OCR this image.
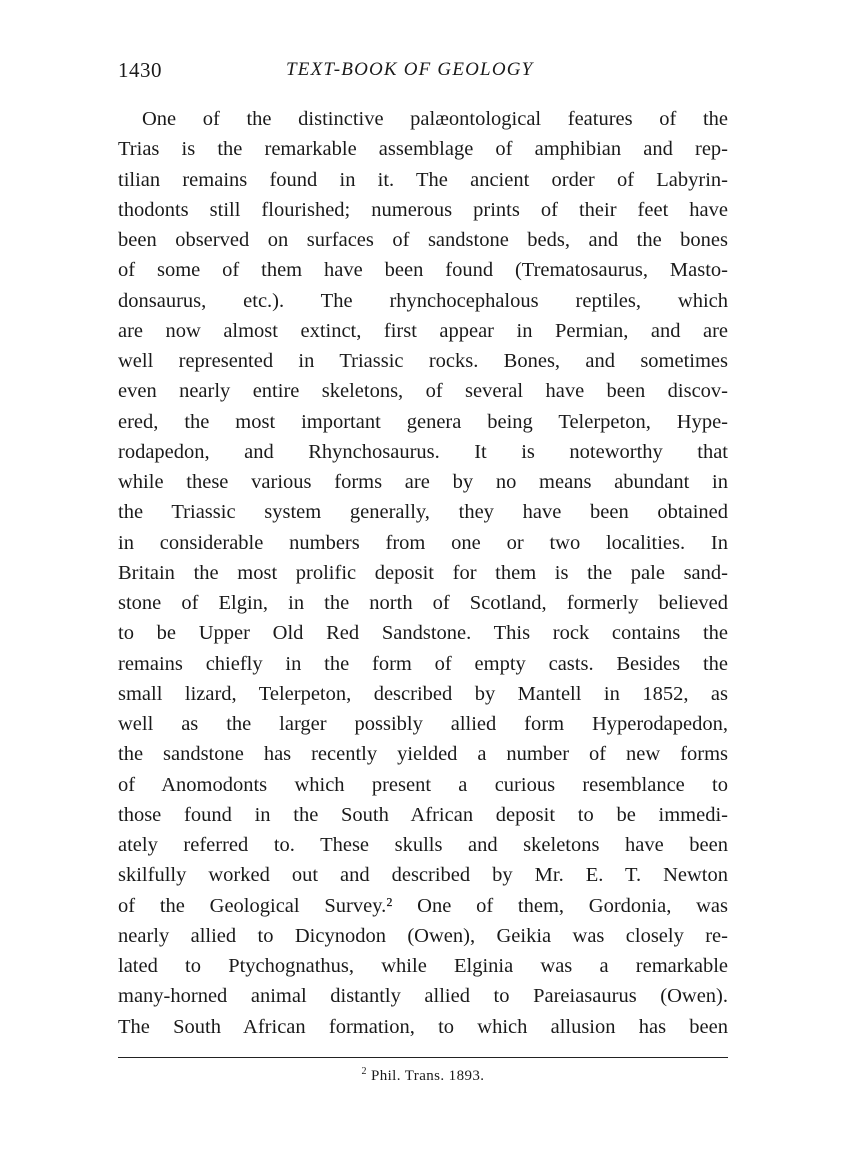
1430	TEXT-BOOK OF GEOLOGY
One of the distinctive palæontological features of the
Trias is the remarkable assemblage of amphibian and rep-
tilian remains found in it. The ancient order of Labyrin-
thodonts still flourished; numerous prints of their feet have
been observed on surfaces of sandstone beds, and the bones
of some of them have been found (Trematosaurus, Masto-
donsaurus, etc.). The rhynchocephalous reptiles, which
are now almost extinct, first appear in Permian, and are
well represented in Triassic rocks. Bones, and sometimes
even nearly entire skeletons, of several have been discov-
ered, the most important genera being Telerpeton, Hype-
rodapedon, and Rhynchosaurus. It is noteworthy that
while these various forms are by no means abundant in
the Triassic system generally, they have been obtained
in considerable numbers from one or two localities. In
Britain the most prolific deposit for them is the pale sand-
stone of Elgin, in the north of Scotland, formerly believed
to be Upper Old Red Sandstone. This rock contains the
remains chiefly in the form of empty casts. Besides the
small lizard, Telerpeton, described by Mantell in 1852, as
well as the larger possibly allied form Hyperodapedon,
the sandstone has recently yielded a number of new forms
of Anomodonts which present a curious resemblance to
those found in the South African deposit to be immedi-
ately referred to. These skulls and skeletons have been
skilfully worked out and described by Mr. E. T. Newton
of the Geological Survey.² One of them, Gordonia, was
nearly allied to Dicynodon (Owen), Geikia was closely re-
lated to Ptychognathus, while Elginia was a remarkable
many-horned animal distantly allied to Pareiasaurus (Owen).
The South African formation, to which allusion has been
$^2$ Phil. Trans. 1893.
